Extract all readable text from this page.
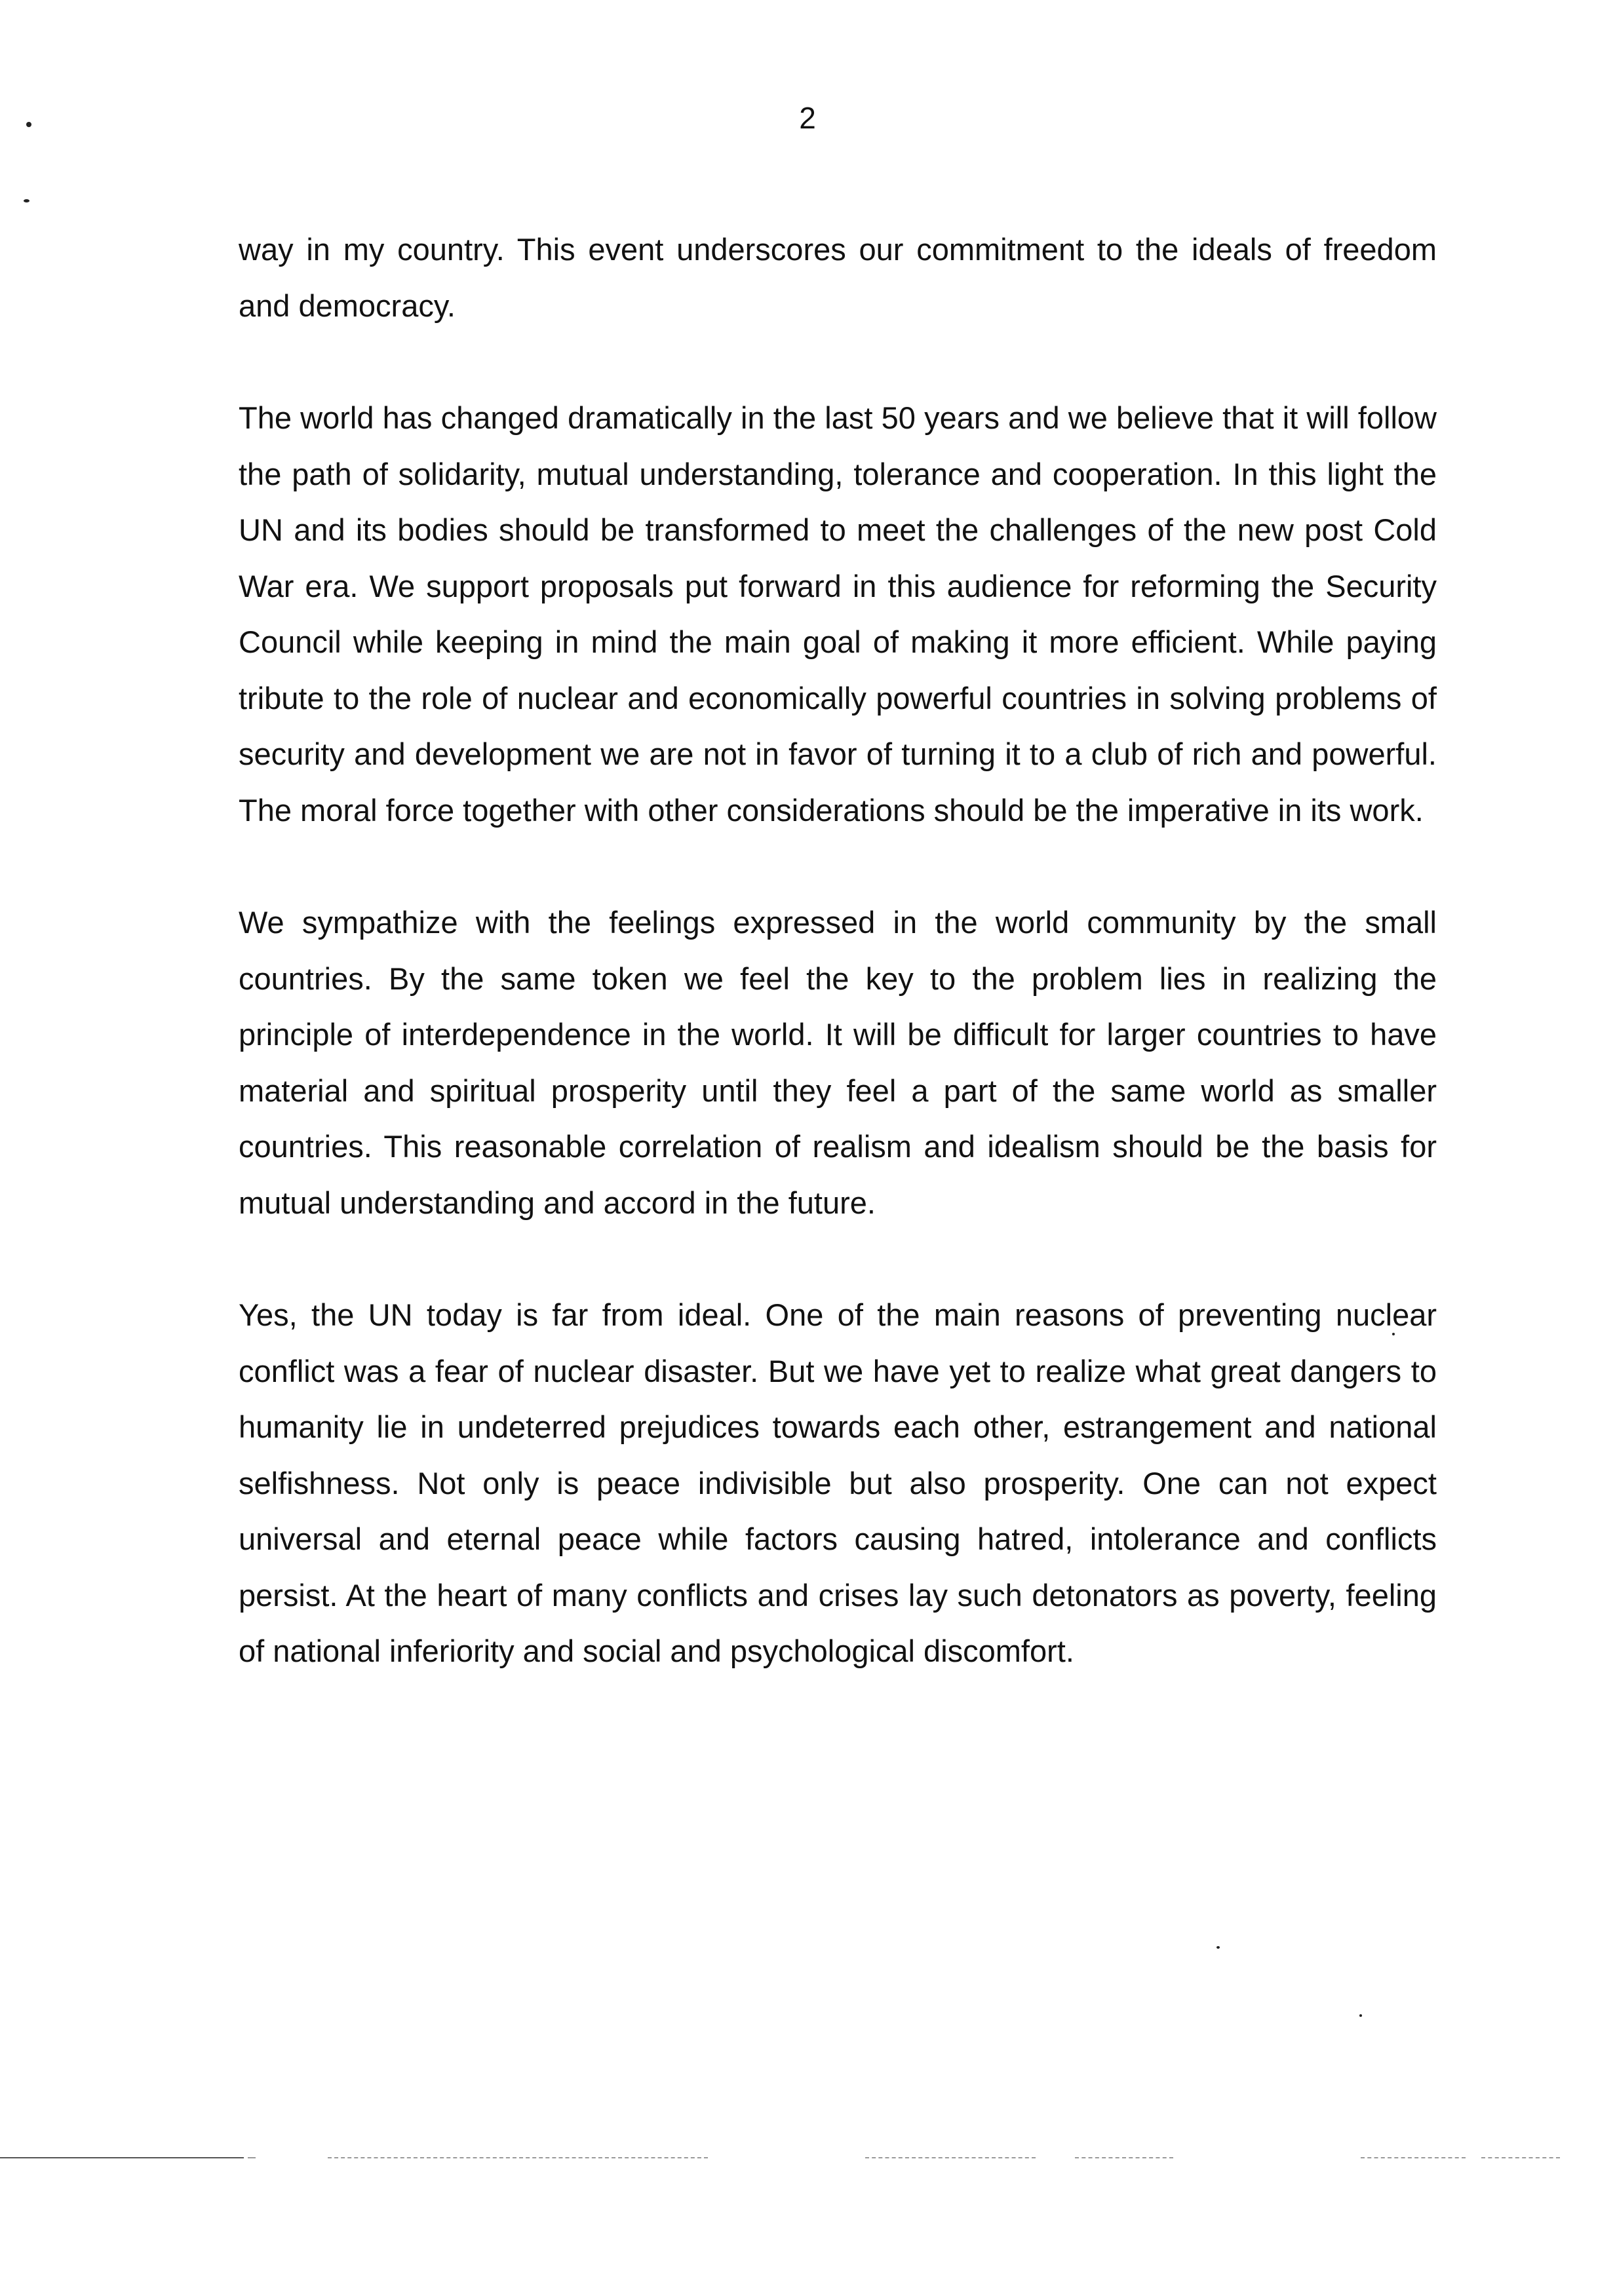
2

way in my country. This event underscores our commitment to the ideals of freedom and democracy.

The world has changed dramatically in the last 50 years and we believe that it will follow the path of solidarity, mutual understanding, tolerance and cooperation. In this light the UN and its bodies should be transformed to meet the challenges of the new post Cold War era. We support proposals put forward in this audience for reforming the Security Council while keeping in mind the main goal of making it more efficient. While paying tribute to the role of nuclear and economically powerful countries in solving problems of security and development we are not in favor of turning it to a club of rich and powerful. The moral force together with other considerations should be the imperative in its work.

We sympathize with the feelings expressed in the world community by the small countries. By the same token we feel the key to the problem lies in realizing the principle of interdependence in the world. It will be difficult for larger countries to have material and spiritual prosperity until they feel a part of the same world as smaller countries. This reasonable correlation of realism and idealism should be the basis for mutual understanding and accord in the future.

Yes, the UN today is far from ideal. One of the main reasons of preventing nuclear conflict was a fear of nuclear disaster. But we have yet to realize what great dangers to humanity lie in undeterred prejudices towards each other, estrangement and national selfishness. Not only is peace indivisible but also prosperity. One can not expect universal and eternal peace while factors causing hatred, intolerance and conflicts persist. At the heart of many conflicts and crises lay such detonators as poverty, feeling of national inferiority and social and psychological discomfort.
